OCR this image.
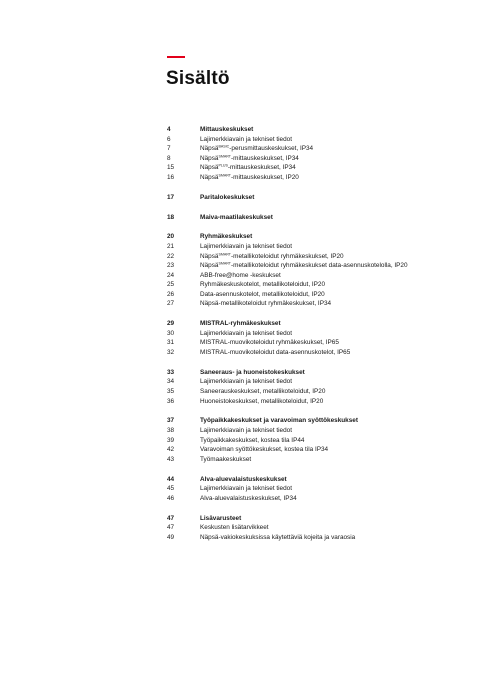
Sisältö
4	Mittauskeskukset
6	Lajimerkkiavain ja tekniset tiedot
7	Näpsä$^{BASIC}$-perusmittauskeskukset, IP34
8	Näpsä$^{SMART}$-mittauskeskukset, IP34
15	Näpsä$^{PLUS}$-mittauskeskukset, IP34
16	Näpsä$^{SMART}$-mittauskeskukset, IP20
17	Paritalokeskukset
18	Maiva-maatilakeskukset
20	Ryhmäkeskukset
21	Lajimerkkiavain ja tekniset tiedot
22	Näpsä$^{SMART}$-metallikoteloidut ryhmäkeskukset, IP20
23	Näpsä$^{SMART}$-metallikoteloidut ryhmäkeskukset data-asennuskotelolla, IP20
24	ABB-free@home -keskukset
25	Ryhmäkeskuskotelot, metallikoteloidut, IP20
26	Data-asennuskotelot, metallikoteloidut, IP20
27	Näpsä-metallikoteloidut ryhmäkeskukset, IP34
29	MISTRAL-ryhmäkeskukset
30	Lajimerkkiavain ja tekniset tiedot
31	MISTRAL-muovikoteloidut ryhmäkeskukset, IP65
32	MISTRAL-muovikoteloidut data-asennuskotelot, IP65
33	Saneeraus- ja huoneistokeskukset
34	Lajimerkkiavain ja tekniset tiedot
35	Saneerauskeskukset, metallikoteloidut, IP20
36	Huoneistokeskukset, metallikoteloidut, IP20
37	Työpaikkakeskukset ja varavoiman syöttökeskukset
38	Lajimerkkiavain ja tekniset tiedot
39	Työpaikkakeskukset, kostea tila IP44
42	Varavoiman syöttökeskukset, kostea tila IP34
43	Työmaakeskukset
44	Alva-aluevalaistuskeskukset
45	Lajimerkkiavain ja tekniset tiedot
46	Alva-aluevalaistuskeskukset, IP34
47	Lisävarusteet
47	Keskusten lisätarvikkeet
49	Näpsä-vakiokeskuksissa käytettäviä kojeita ja varaosia
